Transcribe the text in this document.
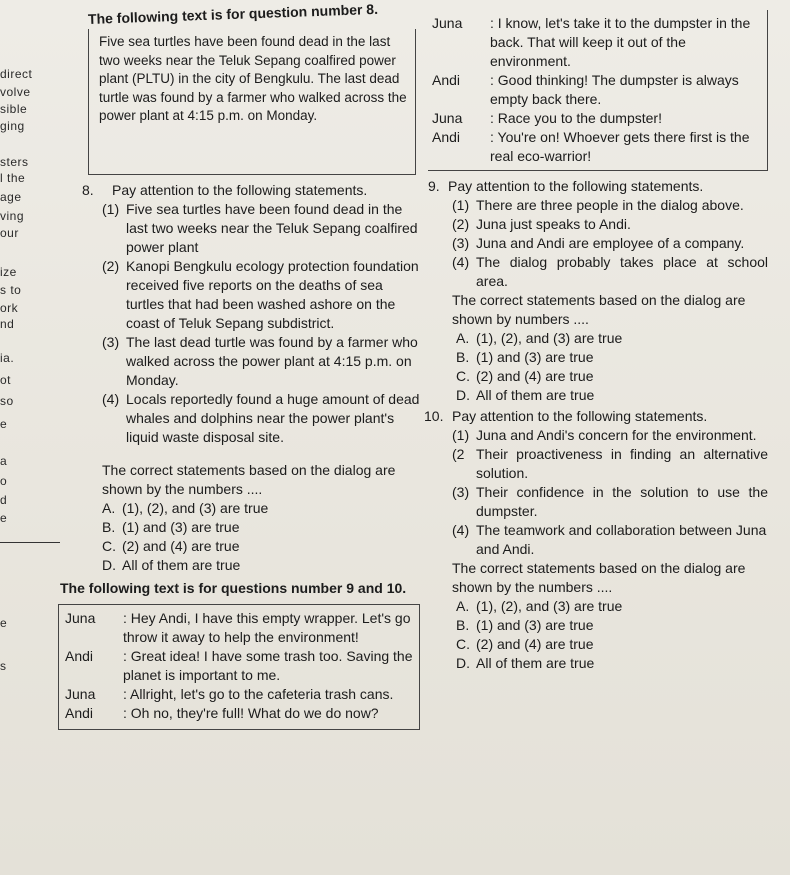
direct
volve
sible
ging
sters
l the
age
ving
our
ize
s to
ork
nd
ia.
ot
so
e
a
o
d
e
e
s
The following text is for question number 8.
Five sea turtles have been found dead in the last two weeks near the Teluk Sepang coalfired power plant (PLTU) in the city of Bengkulu. The last dead turtle was found by a farmer who walked across the power plant at 4:15 p.m. on Monday.
8.	Pay attention to the following statements.
(1) Five sea turtles have been found dead in the last two weeks near the Teluk Sepang coalfired power plant
(2) Kanopi Bengkulu ecology protection foundation received five reports on the deaths of sea turtles that had been washed ashore on the coast of Teluk Sepang subdistrict.
(3) The last dead turtle was found by a farmer who walked across the power plant at 4:15 p.m. on Monday.
(4) Locals reportedly found a huge amount of dead whales and dolphins near the power plant's liquid waste disposal site.
The correct statements based on the dialog are shown by the numbers ....
A. (1), (2), and (3) are true
B. (1) and (3) are true
C. (2) and (4) are true
D. All of them are true
The following text is for questions number 9 and 10.
Juna : Hey Andi, I have this empty wrapper. Let's go throw it away to help the environment!
Andi : Great idea! I have some trash too. Saving the planet is important to me.
Juna : Allright, let's go to the cafeteria trash cans.
Andi : Oh no, they're full! What do we do now?
Juna : I know, let's take it to the dumpster in the back. That will keep it out of the environment.
Andi : Good thinking! The dumpster is always empty back there.
Juna : Race you to the dumpster!
Andi : You're on! Whoever gets there first is the real eco-warrior!
9. Pay attention to the following statements.
(1) There are three people in the dialog above.
(2) Juna just speaks to Andi.
(3) Juna and Andi are employee of a company.
(4) The dialog probably takes place at school area.
The correct statements based on the dialog are shown by numbers ....
A. (1), (2), and (3) are true
B. (1) and (3) are true
C. (2) and (4) are true
D. All of them are true
10. Pay attention to the following statements.
(1) Juna and Andi's concern for the environment.
(2 Their proactiveness in finding an alternative solution.
(3) Their confidence in the solution to use the dumpster.
(4) The teamwork and collaboration between Juna and Andi.
The correct statements based on the dialog are shown by the numbers ....
A. (1), (2), and (3) are true
B. (1) and (3) are true
C. (2) and (4) are true
D. All of them are true
